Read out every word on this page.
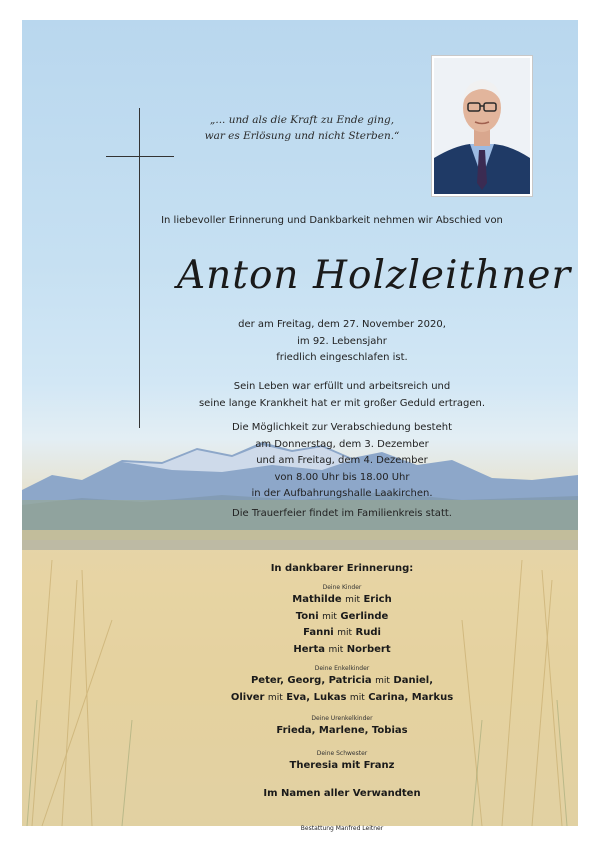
„... und als die Kraft zu Ende ging,
war es Erlösung und nicht Sterben.“
In liebevoller Erinnerung und Dankbarkeit nehmen wir Abschied von
Anton Holzleithner
der am Freitag, dem 27. November 2020,
im 92. Lebensjahr
friedlich eingeschlafen ist.
Sein Leben war erfüllt und arbeitsreich und
seine lange Krankheit hat er mit großer Geduld ertragen.
Die Möglichkeit zur Verabschiedung besteht
am Donnerstag, dem 3. Dezember
und am Freitag, dem 4. Dezember
von 8.00 Uhr bis 18.00 Uhr
in der Aufbahrungshalle Laakirchen.
Die Trauerfeier findet im Familienkreis statt.
In dankbarer Erinnerung:
Deine Kinder
Mathilde mit Erich
Toni mit Gerlinde
Fanni mit Rudi
Herta mit Norbert
Deine Enkelkinder
Peter, Georg, Patricia mit Daniel,
Oliver mit Eva, Lukas mit Carina, Markus
Deine Urenkelkinder
Frieda, Marlene, Tobias
Deine Schwester
Theresia mit Franz
Im Namen aller Verwandten
Bestattung Manfred Leitner
